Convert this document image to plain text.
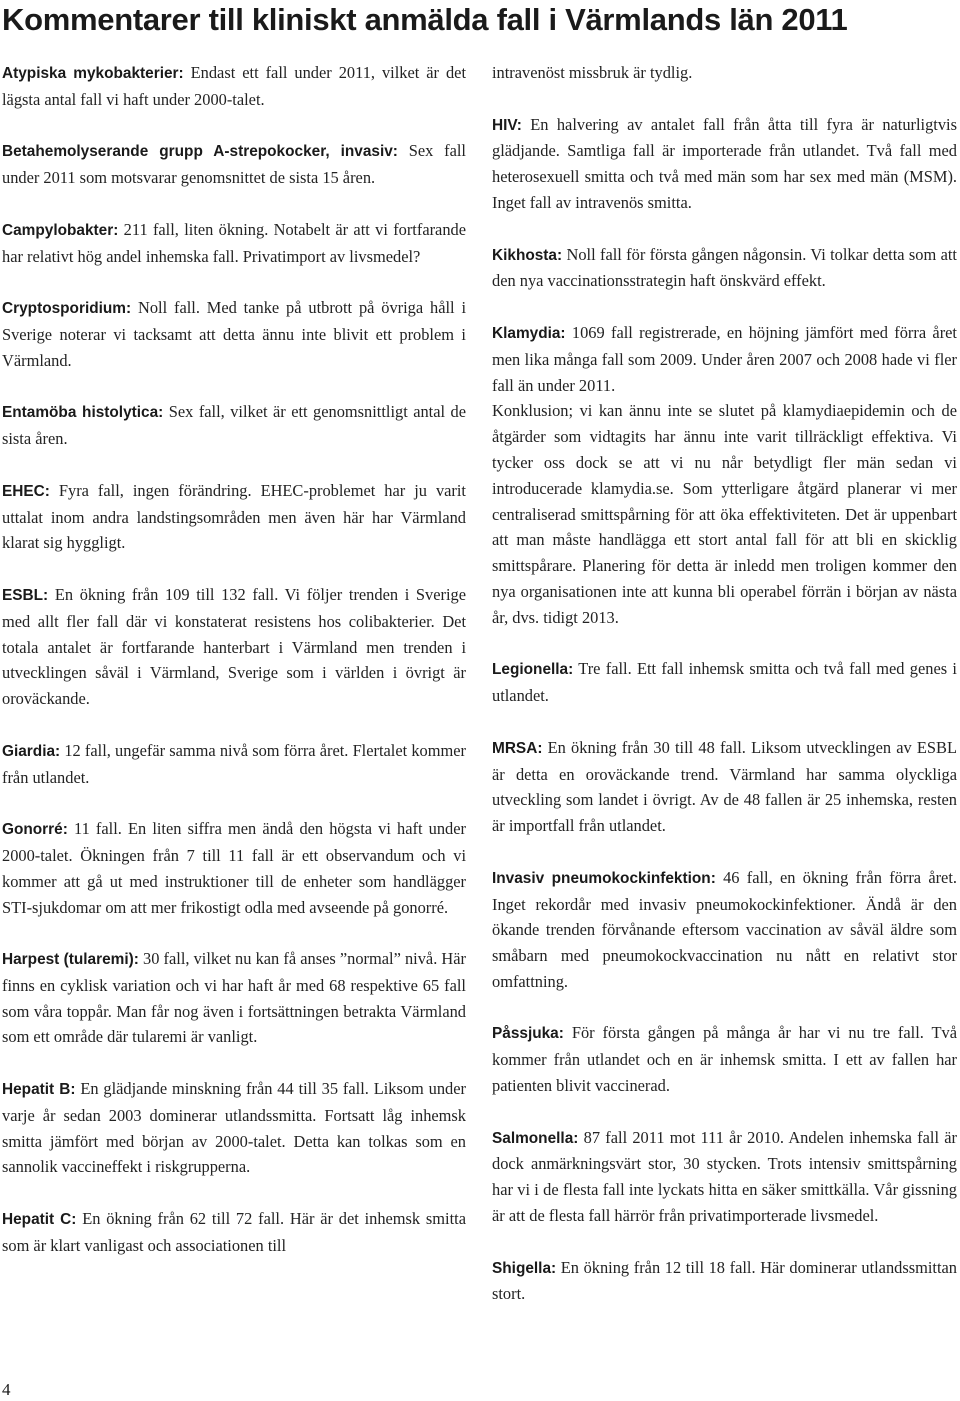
Kommentarer till kliniskt anmälda fall i Värmlands län 2011

Atypiska mykobakterier: Endast ett fall under 2011, vilket är det lägsta antal fall vi haft under 2000-talet.

Betahemolyserande grupp A-strepokocker, invasiv: Sex fall under 2011 som motsvarar genomsnittet de sista 15 åren.

Campylobakter: 211 fall, liten ökning. Notabelt är att vi fortfarande har relativt hög andel inhemska fall. Privatimport av livsmedel?

Cryptosporidium: Noll fall. Med tanke på utbrott på övriga håll i Sverige noterar vi tacksamt att detta ännu inte blivit ett problem i Värmland.

Entamöba histolytica: Sex fall, vilket är ett genomsnittligt antal de sista åren.

EHEC: Fyra fall, ingen förändring. EHEC-problemet har ju varit uttalat inom andra landstingsområden men även här har Värmland klarat sig hyggligt.

ESBL: En ökning från 109 till 132 fall. Vi följer trenden i Sverige med allt fler fall där vi konstaterat resistens hos colibakterier. Det totala antalet är fortfarande hanterbart i Värmland men trenden i utvecklingen såväl i Värmland, Sverige som i världen i övrigt är oroväckande.

Giardia: 12 fall, ungefär samma nivå som förra året. Flertalet kommer från utlandet.

Gonorré: 11 fall. En liten siffra men ändå den högsta vi haft under 2000-talet. Ökningen från 7 till 11 fall är ett observandum och vi kommer att gå ut med instruktioner till de enheter som handlägger STI-sjukdomar om att mer frikostigt odla med avseende på gonorré.

Harpest (tularemi): 30 fall, vilket nu kan få anses ”normal” nivå. Här finns en cyklisk variation och vi har haft år med 68 respektive 65 fall som våra toppår. Man får nog även i fortsättningen betrakta Värmland som ett område där tularemi är vanligt.

Hepatit B: En glädjande minskning från 44 till 35 fall. Liksom under varje år sedan 2003 dominerar utlandssmitta. Fortsatt låg inhemsk smitta jämfört med början av 2000-talet. Detta kan tolkas som en sannolik vaccineffekt i riskgrupperna.

Hepatit C: En ökning från 62 till 72 fall. Här är det inhemsk smitta som är klart vanligast och associationen till

intravenöst missbruk är tydlig.

HIV: En halvering av antalet fall från åtta till fyra är naturligtvis glädjande. Samtliga fall är importerade från utlandet. Två fall med heterosexuell smitta och två med män som har sex med män (MSM). Inget fall av intravenös smitta.

Kikhosta: Noll fall för första gången någonsin. Vi tolkar detta som att den nya vaccinationsstrategin haft önskvärd effekt.

Klamydia: 1069 fall registrerade, en höjning jämfört med förra året men lika många fall som 2009. Under åren 2007 och 2008 hade vi fler fall än under 2011.

Konklusion; vi kan ännu inte se slutet på klamydiaepidemin och de åtgärder som vidtagits har ännu inte varit tillräckligt effektiva. Vi tycker oss dock se att vi nu når betydligt fler män sedan vi introducerade klamydia.se. Som ytterligare åtgärd planerar vi mer centraliserad smittspårning för att öka effektiviteten. Det är uppenbart att man måste handlägga ett stort antal fall för att bli en skicklig smittspårare. Planering för detta är inledd men troligen kommer den nya organisationen inte att kunna bli operabel förrän i början av nästa år, dvs. tidigt 2013.

Legionella: Tre fall. Ett fall inhemsk smitta och två fall med genes i utlandet.

MRSA: En ökning från 30 till 48 fall. Liksom utvecklingen av ESBL är detta en oroväckande trend. Värmland har samma olyckliga utveckling som landet i övrigt. Av de 48 fallen är 25 inhemska, resten är importfall från utlandet.

Invasiv pneumokockinfektion: 46 fall, en ökning från förra året. Inget rekordår med invasiv pneumokockinfektioner. Ändå är den ökande trenden förvånande eftersom vaccination av såväl äldre som småbarn med pneumokockvaccination nu nått en relativt stor omfattning.

Påssjuka: För första gången på många år har vi nu tre fall. Två kommer från utlandet och en är inhemsk smitta. I ett av fallen har patienten blivit vaccinerad.

Salmonella: 87 fall 2011 mot 111 år 2010. Andelen inhemska fall är dock anmärkningsvärt stor, 30 stycken. Trots intensiv smittspårning har vi i de flesta fall inte lyckats hitta en säker smittkälla. Vår gissning är att de flesta fall härrör från privatimporterade livsmedel.

Shigella: En ökning från 12 till 18 fall. Här dominerar utlandssmittan stort.

4
